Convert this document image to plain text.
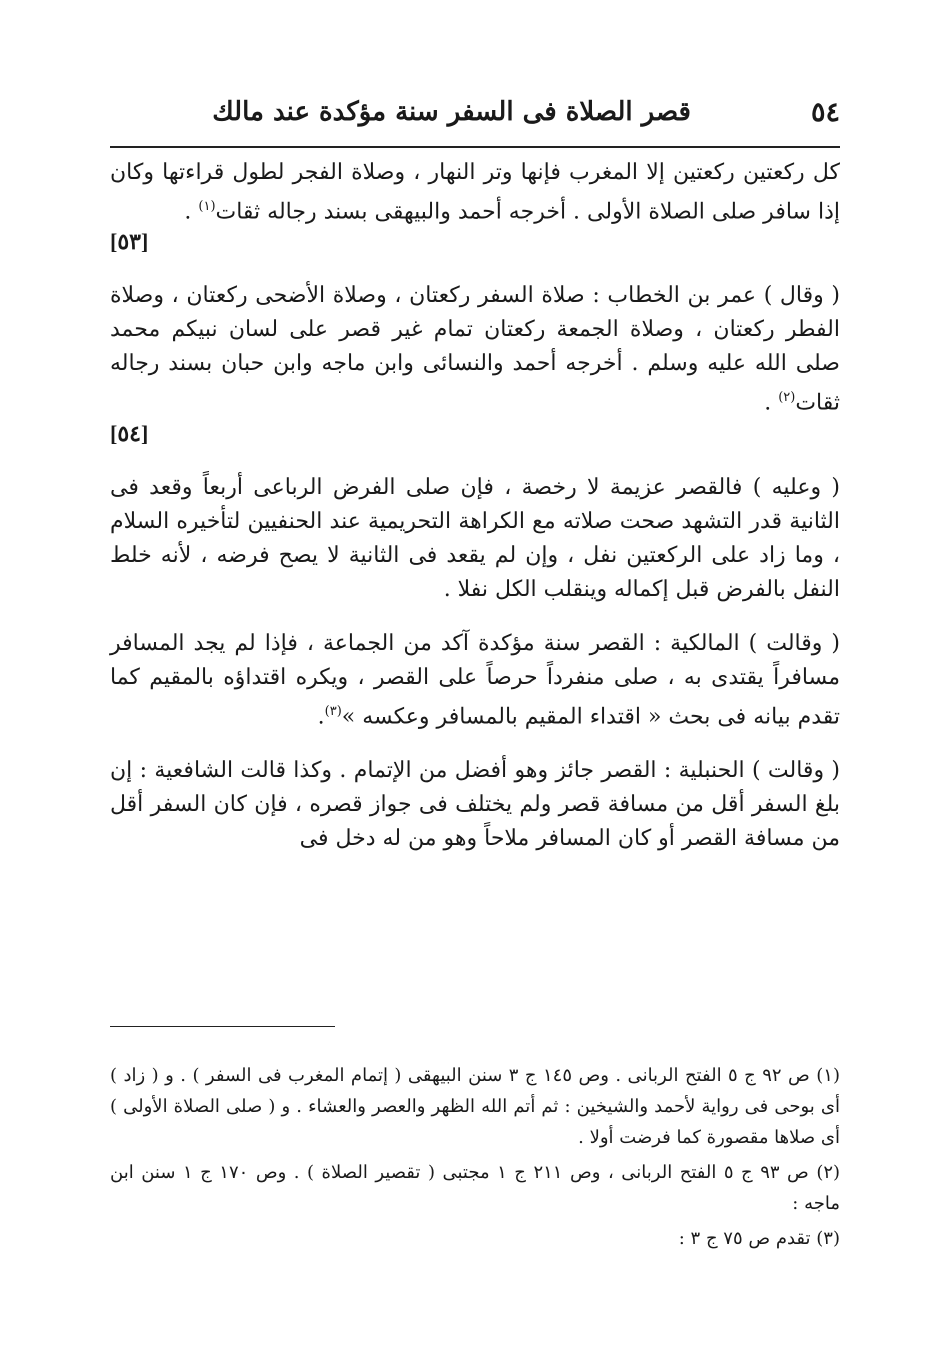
٥٤
قصر الصلاة فى السفر سنة مؤكدة عند مالك

كل ركعتين ركعتين إلا المغرب فإنها وتر النهار ، وصلاة الفجر لطول قراءتها وكان إذا سافر صلى الصلاة الأولى . أخرجه أحمد والبيهقى بسند رجاله ثقات$^{(١)}$ .
[٥٣]

( وقال ) عمر بن الخطاب : صلاة السفر ركعتان ، وصلاة الأضحى ركعتان ، وصلاة الفطر ركعتان ، وصلاة الجمعة ركعتان تمام غير قصر على لسان نبيكم محمد صلى الله عليه وسلم . أخرجه أحمد والنسائى وابن ماجه وابن حبان بسند رجاله ثقات$^{(٢)}$ .
[٥٤]

( وعليه ) فالقصر عزيمة لا رخصة ، فإن صلى الفرض الرباعى أربعاً وقعد فى الثانية قدر التشهد صحت صلاته مع الكراهة التحريمية عند الحنفيين لتأخيره السلام ، وما زاد على الركعتين نفل ، وإن لم يقعد فى الثانية لا يصح فرضه ، لأنه خلط النفل بالفرض قبل إكماله وينقلب الكل نفلا .

( وقالت ) المالكية : القصر سنة مؤكدة آكد من الجماعة ، فإذا لم يجد المسافر مسافراً يقتدى به ، صلى منفرداً حرصاً على القصر ، ويكره اقتداؤه بالمقيم كما تقدم بيانه فى بحث « اقتداء المقيم بالمسافر وعكسه »$^{(٣)}$.

( وقالت ) الحنبلية : القصر جائز وهو أفضل من الإتمام . وكذا قالت الشافعية : إن بلغ السفر أقل من مسافة قصر ولم يختلف فى جواز قصره ، فإن كان السفر أقل من مسافة القصر أو كان المسافر ملاحاً وهو من له دخل فى

(١) ص ٩٢ ج ٥ الفتح الربانى . وص ١٤٥ ج ٣ سنن البيهقى ( إتمام المغرب فى السفر ) . و ( زاد ) أى بوحى فى رواية لأحمد والشيخين : ثم أتم الله الظهر والعصر والعشاء . و ( صلى الصلاة الأولى ) أى صلاها مقصورة كما فرضت أولا .

(٢) ص ٩٣ ج ٥ الفتح الربانى ، وص ٢١١ ج ١ مجتبى ( تقصير الصلاة ) . وص ١٧٠ ج ١ سنن ابن ماجه :

(٣) تقدم ص ٧٥ ج ٣ :
